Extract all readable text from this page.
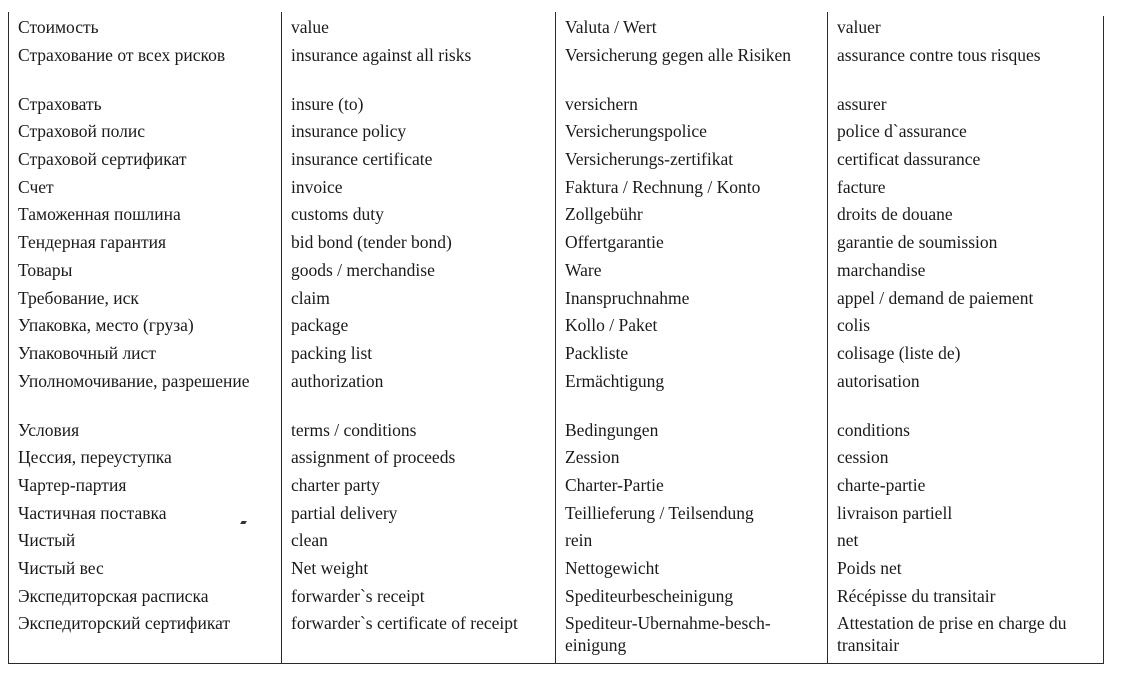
Стоимость	value	Valuta / Wert	valuer
Страхование от всех рисков	insurance against all risks	Versicherung gegen alle Risiken	assurance contre tous risques
Страховать	insure (to)	versichern	assurer
Страховой полис	insurance policy	Versicherungspolice	police d`assurance
Страховой сертификат	insurance certificate	Versicherungs-zertifikat	certificat dassurance
Счет	invoice	Faktura / Rechnung / Konto	facture
Таможенная пошлина	customs duty	Zollgebühr	droits de douane
Тендерная гарантия	bid bond (tender bond)	Offertgarantie	garantie de soumission
Товары	goods / merchandise	Ware	marchandise
Требование, иск	claim	Inanspruchnahme	appel / demand de paiement
Упаковка, место (груза)	package	Kollo / Paket	colis
Упаковочный лист	packing list	Packliste	colisage (liste de)
Уполномочивание, разрешение	authorization	Ermächtigung	autorisation
Условия	terms / conditions	Bedingungen	conditions
Цессия, переуступка	assignment of proceeds	Zession	cession
Чартер-партия	charter party	Charter-Partie	charte-partie
Частичная поставка	partial delivery	Teillieferung / Teilsendung	livraison partiell
Чистый	clean	rein	net
Чистый вес	Net weight	Nettogewicht	Poids net
Экспедиторская расписка	forwarder`s receipt	Spediteurbescheinigung	Récépisse du transitair
Экспедиторский сертификат	forwarder`s certificate of receipt	Spediteur-Ubernahme-besch-einigung	Attestation de prise en charge du transitair
